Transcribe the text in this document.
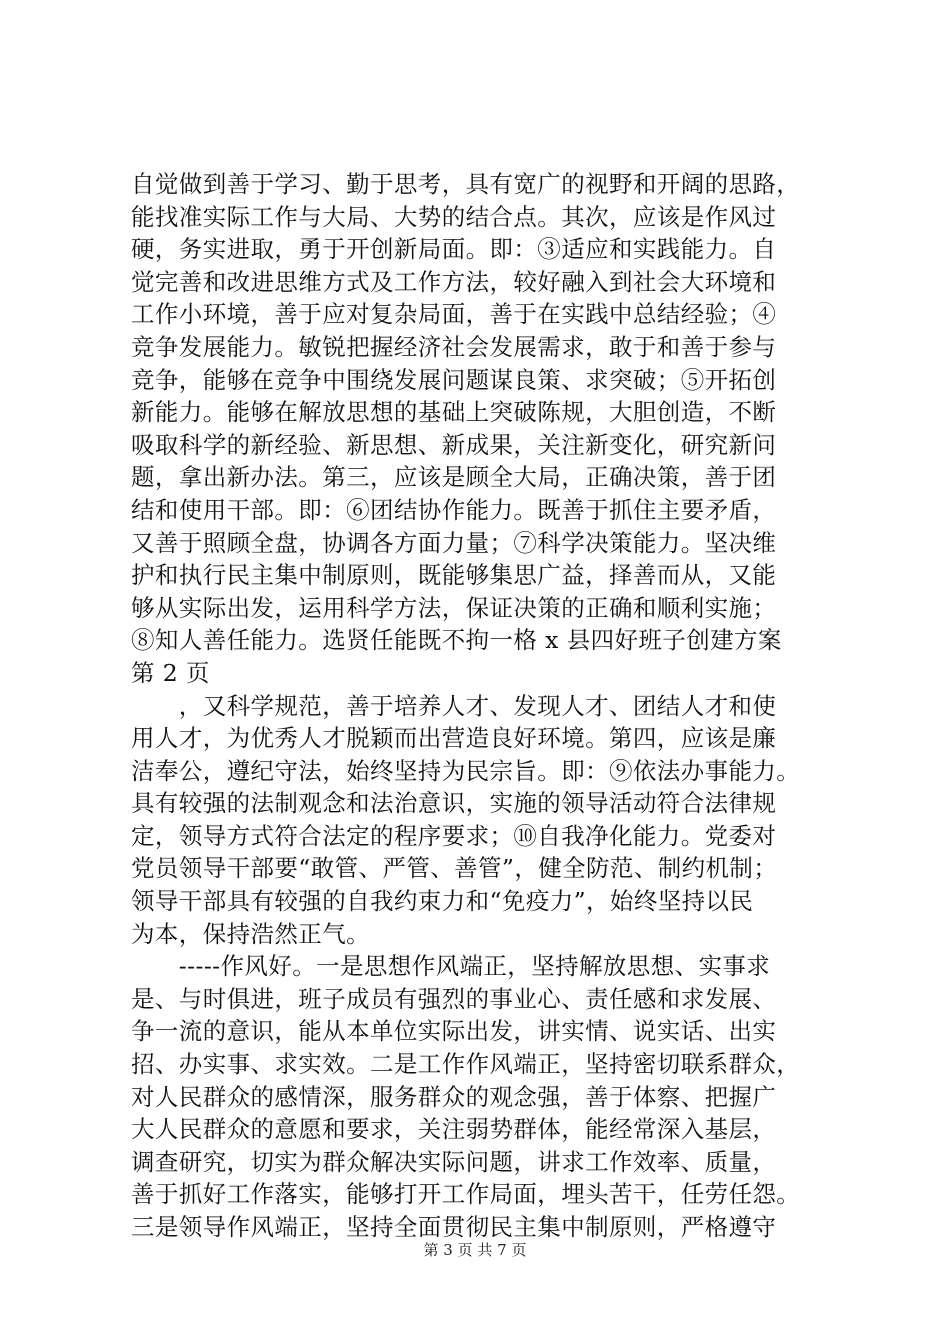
自觉做到善于学习、勤于思考，具有宽广的视野和开阔的思路，
能找准实际工作与大局、大势的结合点。其次，应该是作风过
硬，务实进取，勇于开创新局面。即：③适应和实践能力。自
觉完善和改进思维方式及工作方法，较好融入到社会大环境和
工作小环境，善于应对复杂局面，善于在实践中总结经验；④
竞争发展能力。敏锐把握经济社会发展需求，敢于和善于参与
竞争，能够在竞争中围绕发展问题谋良策、求突破；⑤开拓创
新能力。能够在解放思想的基础上突破陈规，大胆创造，不断
吸取科学的新经验、新思想、新成果，关注新变化，研究新问
题，拿出新办法。第三，应该是顾全大局，正确决策，善于团
结和使用干部。即：⑥团结协作能力。既善于抓住主要矛盾，
又善于照顾全盘，协调各方面力量；⑦科学决策能力。坚决维
护和执行民主集中制原则，既能够集思广益，择善而从，又能
够从实际出发，运用科学方法，保证决策的正确和顺利实施；
⑧知人善任能力。选贤任能既不拘一格 x 县四好班子创建方案
第 2 页
　　，又科学规范，善于培养人才、发现人才、团结人才和使
用人才，为优秀人才脱颖而出营造良好环境。第四，应该是廉
洁奉公，遵纪守法，始终坚持为民宗旨。即：⑨依法办事能力。
具有较强的法制观念和法治意识，实施的领导活动符合法律规
定，领导方式符合法定的程序要求；⑩自我净化能力。党委对
党员领导干部要“敢管、严管、善管”，健全防范、制约机制；
领导干部具有较强的自我约束力和“免疫力”，始终坚持以民
为本，保持浩然正气。
　　-----作风好。一是思想作风端正，坚持解放思想、实事求
是、与时俱进，班子成员有强烈的事业心、责任感和求发展、
争一流的意识，能从本单位实际出发，讲实情、说实话、出实
招、办实事、求实效。二是工作作风端正，坚持密切联系群众，
对人民群众的感情深，服务群众的观念强，善于体察、把握广
大人民群众的意愿和要求，关注弱势群体，能经常深入基层，
调查研究，切实为群众解决实际问题，讲求工作效率、质量，
善于抓好工作落实，能够打开工作局面，埋头苦干，任劳任怨。
三是领导作风端正，坚持全面贯彻民主集中制原则，严格遵守
第 3 页 共 7 页
